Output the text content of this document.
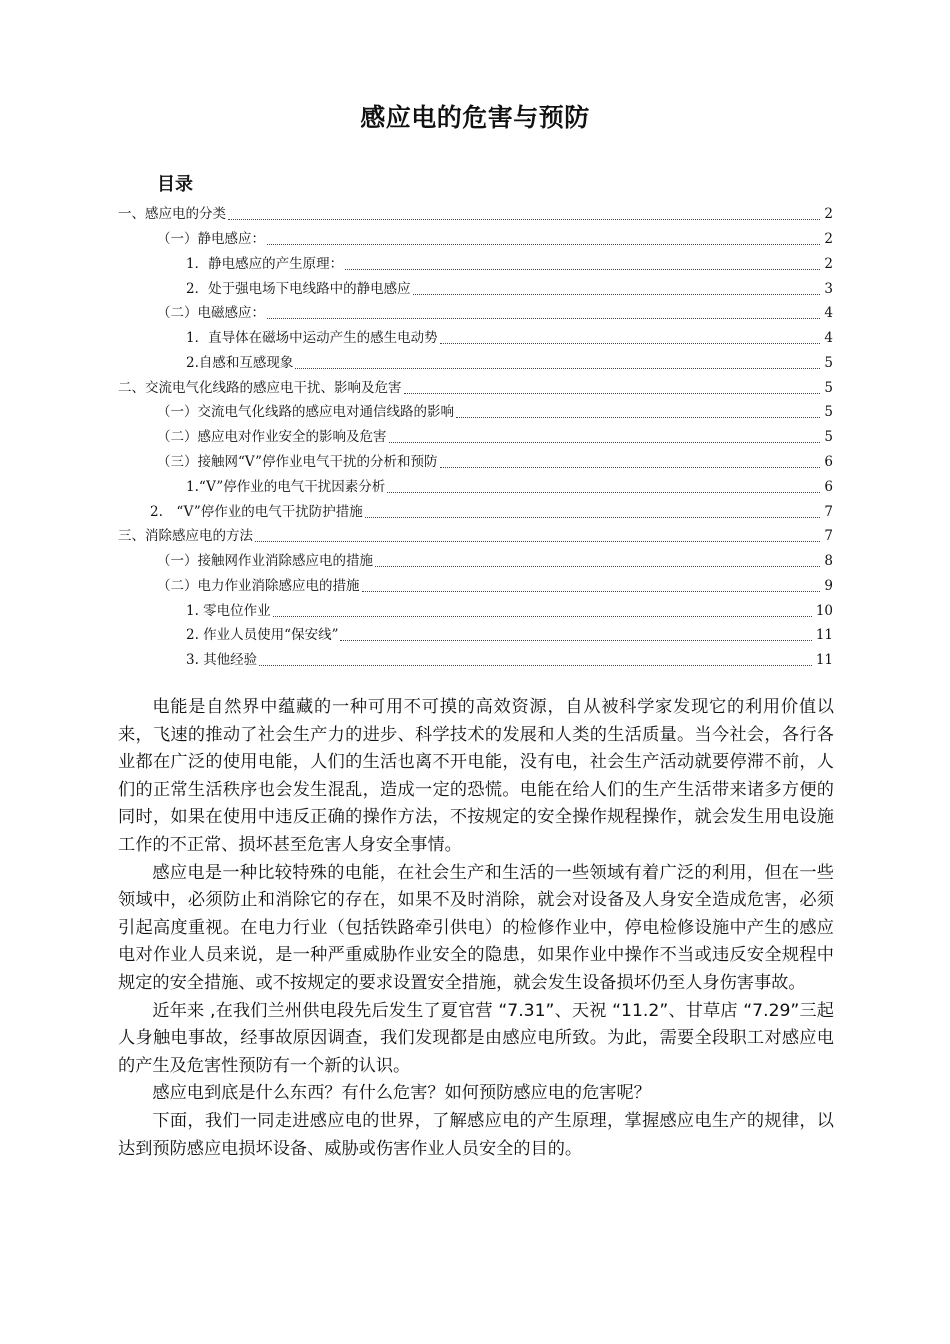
感应电的危害与预防
目录
一、感应电的分类	2
（一）静电感应：	2
1．静电感应的产生原理：	2
2．处于强电场下电线路中的静电感应	3
（二）电磁感应：	4
1．直导体在磁场中运动产生的感生电动势	4
2.自感和互感现象	5
二、交流电气化线路的感应电干扰、影响及危害	5
（一）交流电气化线路的感应电对通信线路的影响	5
（二）感应电对作业安全的影响及危害	5
（三）接触网“V”停作业电气干扰的分析和预防	6
1.“V”停作业的电气干扰因素分析	6
2.　“V”停作业的电气干扰防护措施	7
三、消除感应电的方法	7
（一）接触网作业消除感应电的措施	8
（二）电力作业消除感应电的措施	9
1. 零电位作业	10
2. 作业人员使用“保安线”	11
3. 其他经验	11

电能是自然界中蕴藏的一种可用不可摸的高效资源，自从被科学家发现它的利用价值以来，飞速的推动了社会生产力的进步、科学技术的发展和人类的生活质量。当今社会，各行各业都在广泛的使用电能，人们的生活也离不开电能，没有电，社会生产活动就要停滞不前，人们的正常生活秩序也会发生混乱，造成一定的恐慌。电能在给人们的生产生活带来诸多方便的同时，如果在使用中违反正确的操作方法，不按规定的安全操作规程操作，就会发生用电设施工作的不正常、损坏甚至危害人身安全事情。

感应电是一种比较特殊的电能，在社会生产和生活的一些领域有着广泛的利用，但在一些领域中，必须防止和消除它的存在，如果不及时消除，就会对设备及人身安全造成危害，必须引起高度重视。在电力行业（包括铁路牵引供电）的检修作业中，停电检修设施中产生的感应电对作业人员来说，是一种严重威胁作业安全的隐患，如果作业中操作不当或违反安全规程中规定的安全措施、或不按规定的要求设置安全措施，就会发生设备损坏仍至人身伤害事故。

近年来 ,在我们兰州供电段先后发生了夏官营 “7.31”、天祝 “11.2”、甘草店 “7.29”三起人身触电事故，经事故原因调查，我们发现都是由感应电所致。为此，需要全段职工对感应电的产生及危害性预防有一个新的认识。

感应电到底是什么东西？有什么危害？如何预防感应电的危害呢？

下面，我们一同走进感应电的世界，了解感应电的产生原理，掌握感应电生产的规律，以达到预防感应电损坏设备、威胁或伤害作业人员安全的目的。
